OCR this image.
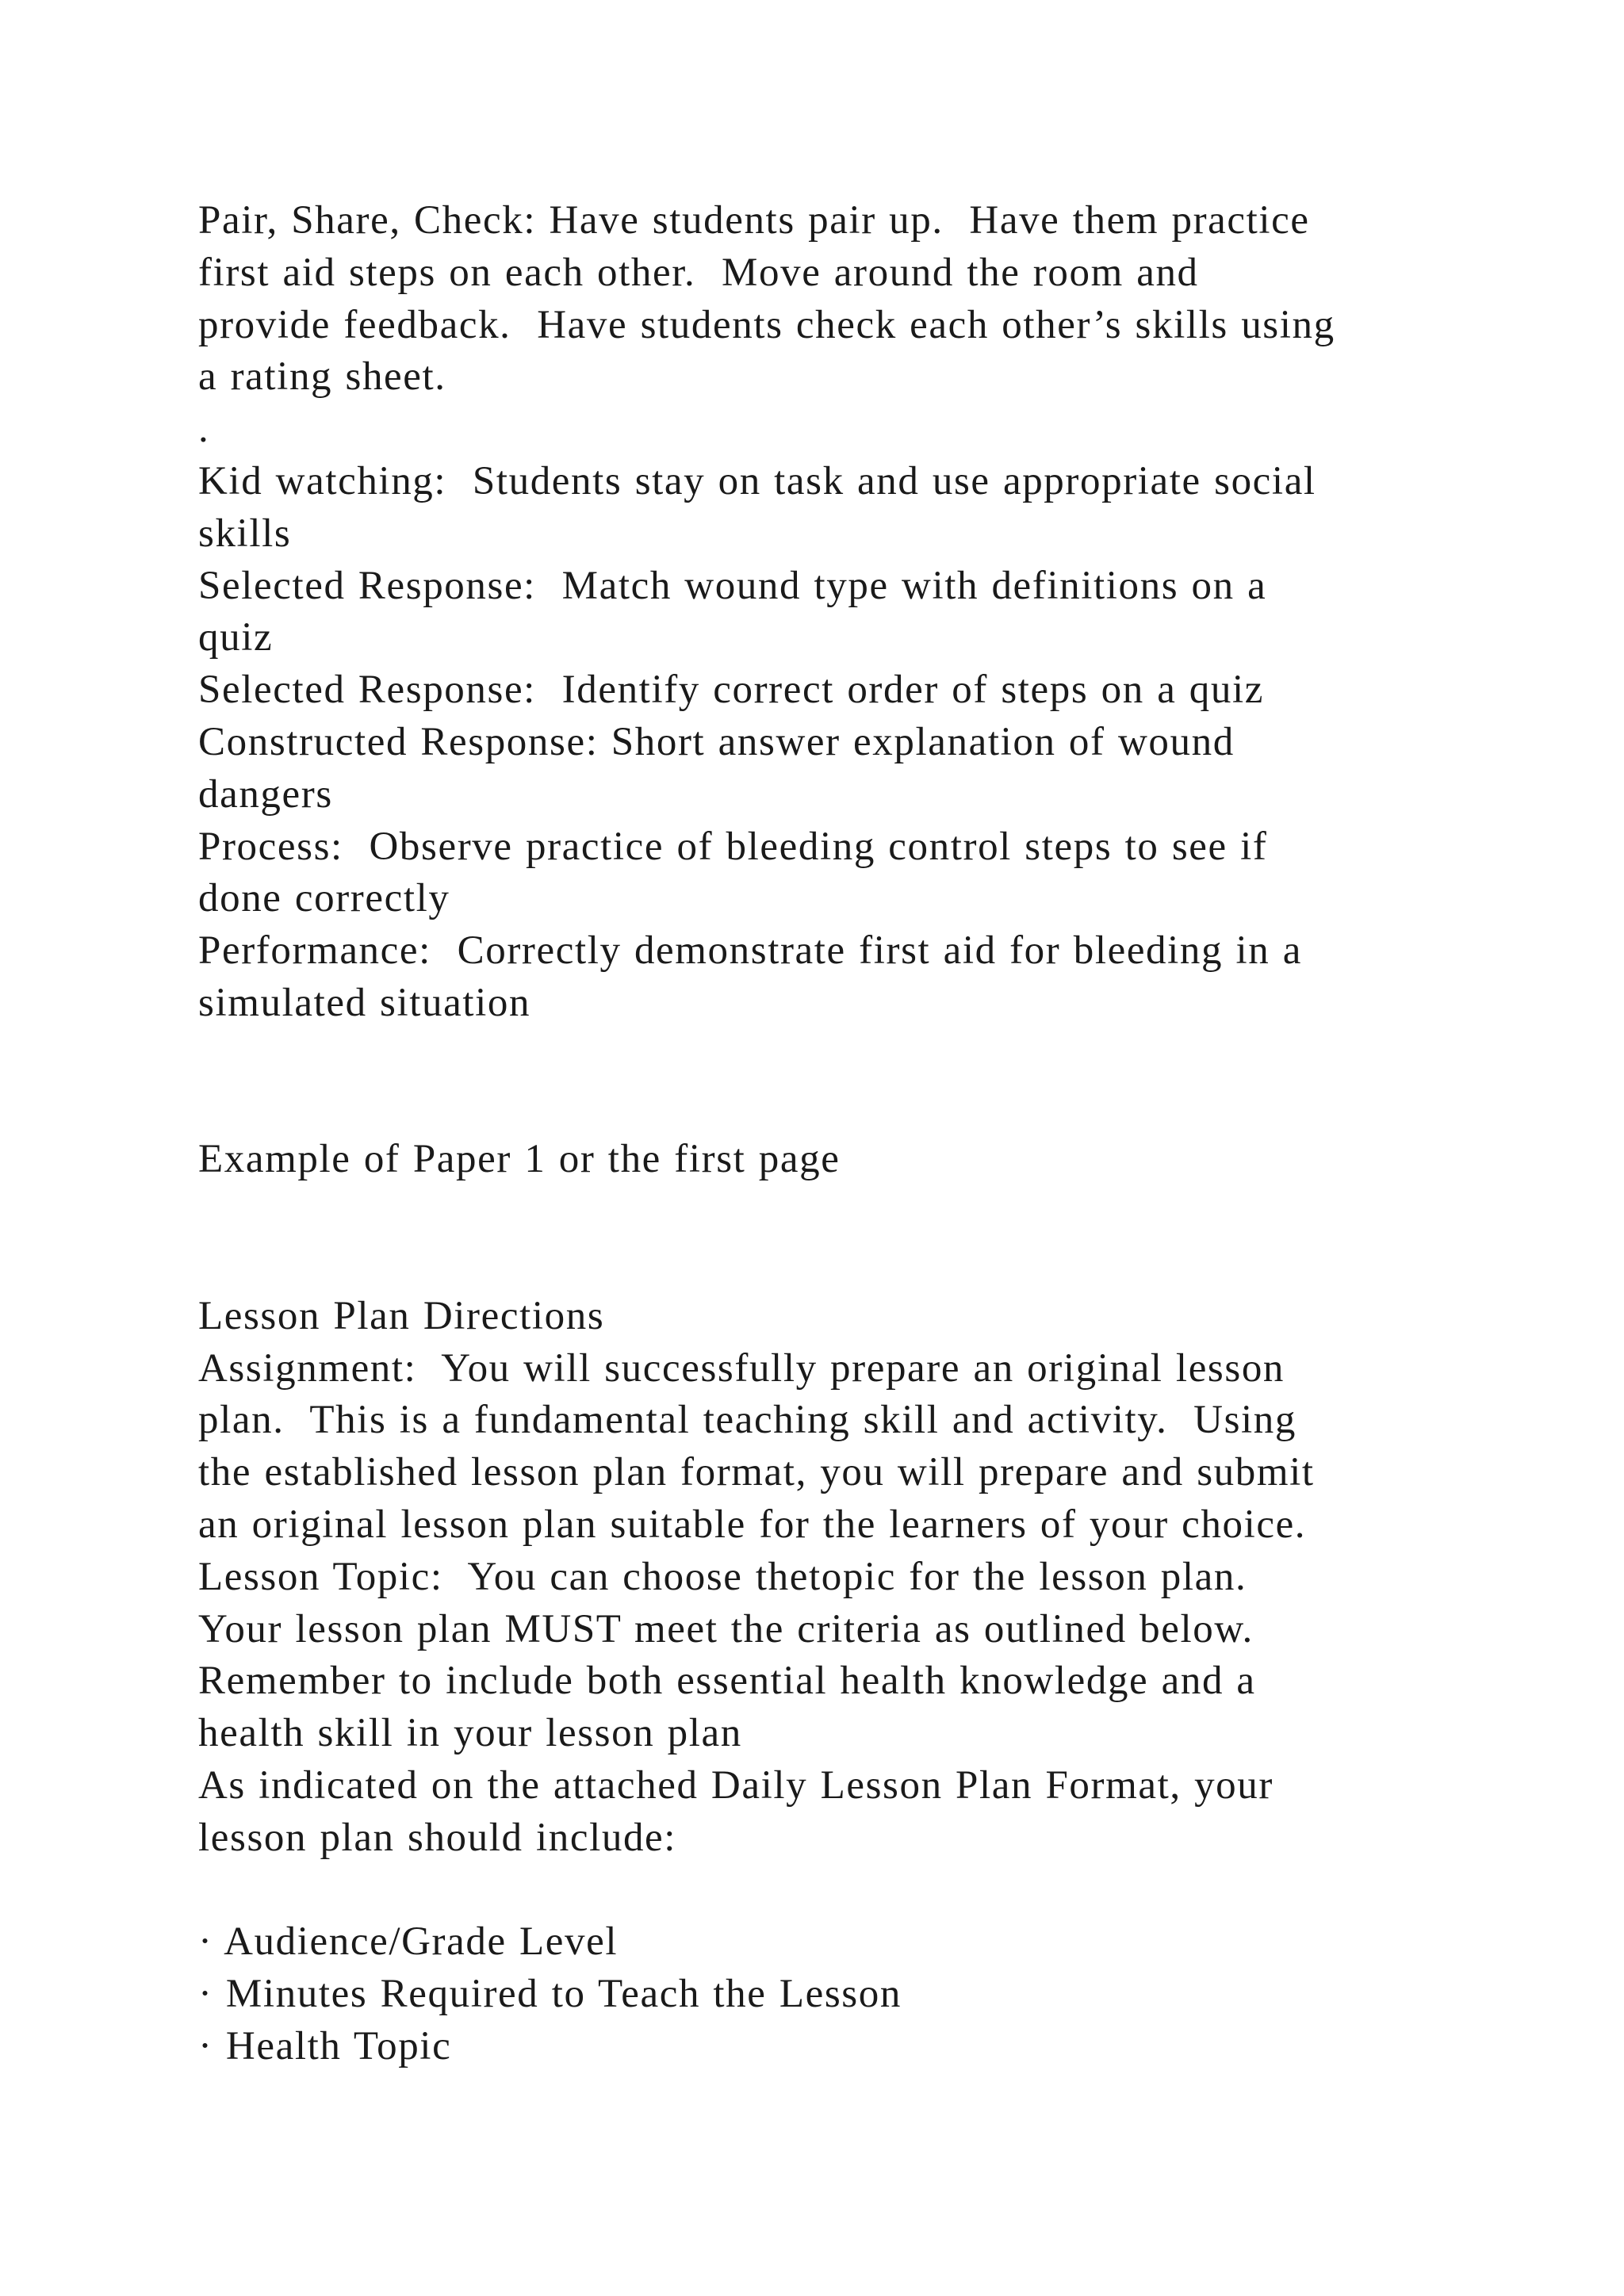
Pair, Share, Check: Have students pair up.  Have them practice
first aid steps on each other.  Move around the room and
provide feedback.  Have students check each other’s skills using
a rating sheet.
.
Kid watching:  Students stay on task and use appropriate social
skills
Selected Response:  Match wound type with definitions on a
quiz
Selected Response:  Identify correct order of steps on a quiz
Constructed Response: Short answer explanation of wound
dangers
Process:  Observe practice of bleeding control steps to see if
done correctly
Performance:  Correctly demonstrate first aid for bleeding in a
simulated situation
Example of Paper 1 or the first page
Lesson Plan Directions
Assignment:  You will successfully prepare an original lesson
plan.  This is a fundamental teaching skill and activity.  Using
the established lesson plan format, you will prepare and submit
an original lesson plan suitable for the learners of your choice.
Lesson Topic:  You can choose thetopic for the lesson plan.
Your lesson plan MUST meet the criteria as outlined below.
Remember to include both essential health knowledge and a
health skill in your lesson plan
As indicated on the attached Daily Lesson Plan Format, your
lesson plan should include:
· Audience/Grade Level
· Minutes Required to Teach the Lesson
· Health Topic
